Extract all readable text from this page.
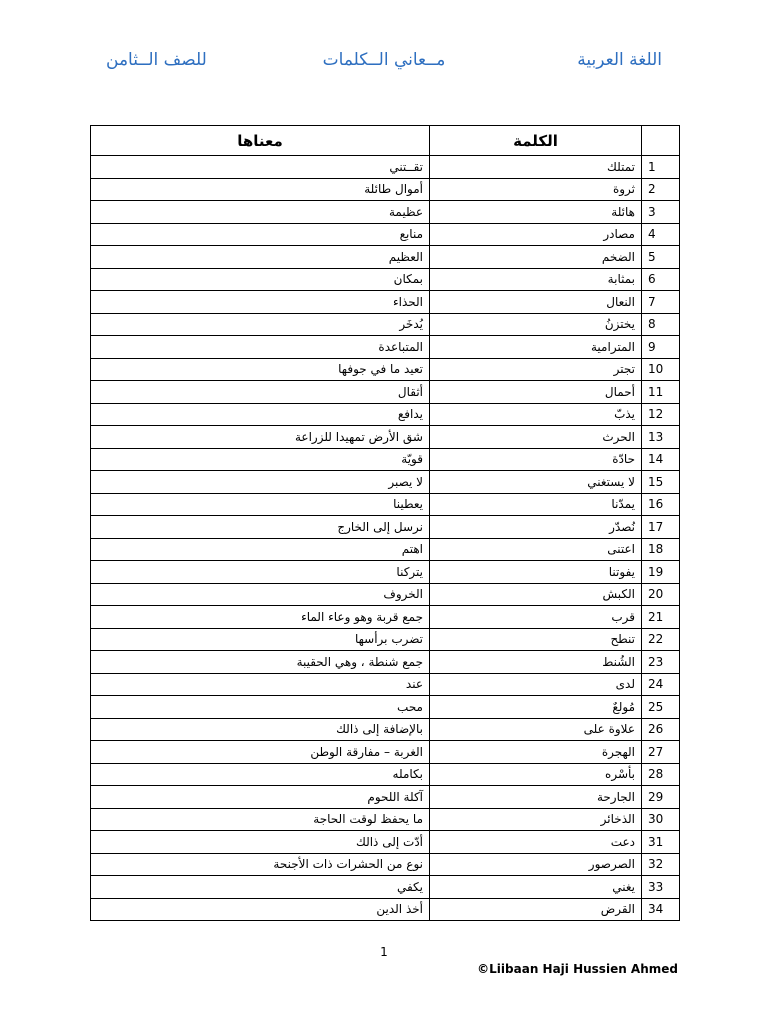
اللغة العربية
مــعاني الــكلمات
للصف الــثامن
	الكلمة	معناها
1	تمتلك	تقــتني
2	ثروة	أموال طائلة
3	هائلة	عظيمة
4	مصادر	منابع
5	الضخم	العظيم
6	بمثابة	بمكان
7	النعال	الحذاء
8	يختزنُ	يُدخَر
9	المترامية	المتباعدة
10	تجتر	تعيد ما في جوفها
11	أحمال	أثقال
12	يذبّ	يدافع
13	الحرث	شق الأرض تمهيدا للزراعة
14	حادّة	قويّة
15	لا يستغني	لا يصبر
16	يمدّنا	يعطينا
17	نُصدّر	نرسل إلى الخارج
18	اعتنى	اهتم
19	يفوتنا	يتركنا
20	الكبش	الخروف
21	قرب	جمع قربة وهو وعاء الماء
22	تنطح	تضرب برأسها
23	الشُنط	جمع شنطة ، وهي الحقيبة
24	لدى	عند
25	مُولعٌ	محب
26	علاوة على	بالإضافة إلى ذالك
27	الهجرة	الغربة – مفارقة الوطن
28	بأسْره	بكامله
29	الجارحة	آكلة اللحوم
30	الذخائر	ما يحفظ لوقت الحاجة
31	دعت	أدّت إلى ذالك
32	الصرصور	نوع من الحشرات ذات الأجنحة
33	يغني	يكفي
34	القرض	أخذ الدين
1
©Liibaan Haji Hussien Ahmed
